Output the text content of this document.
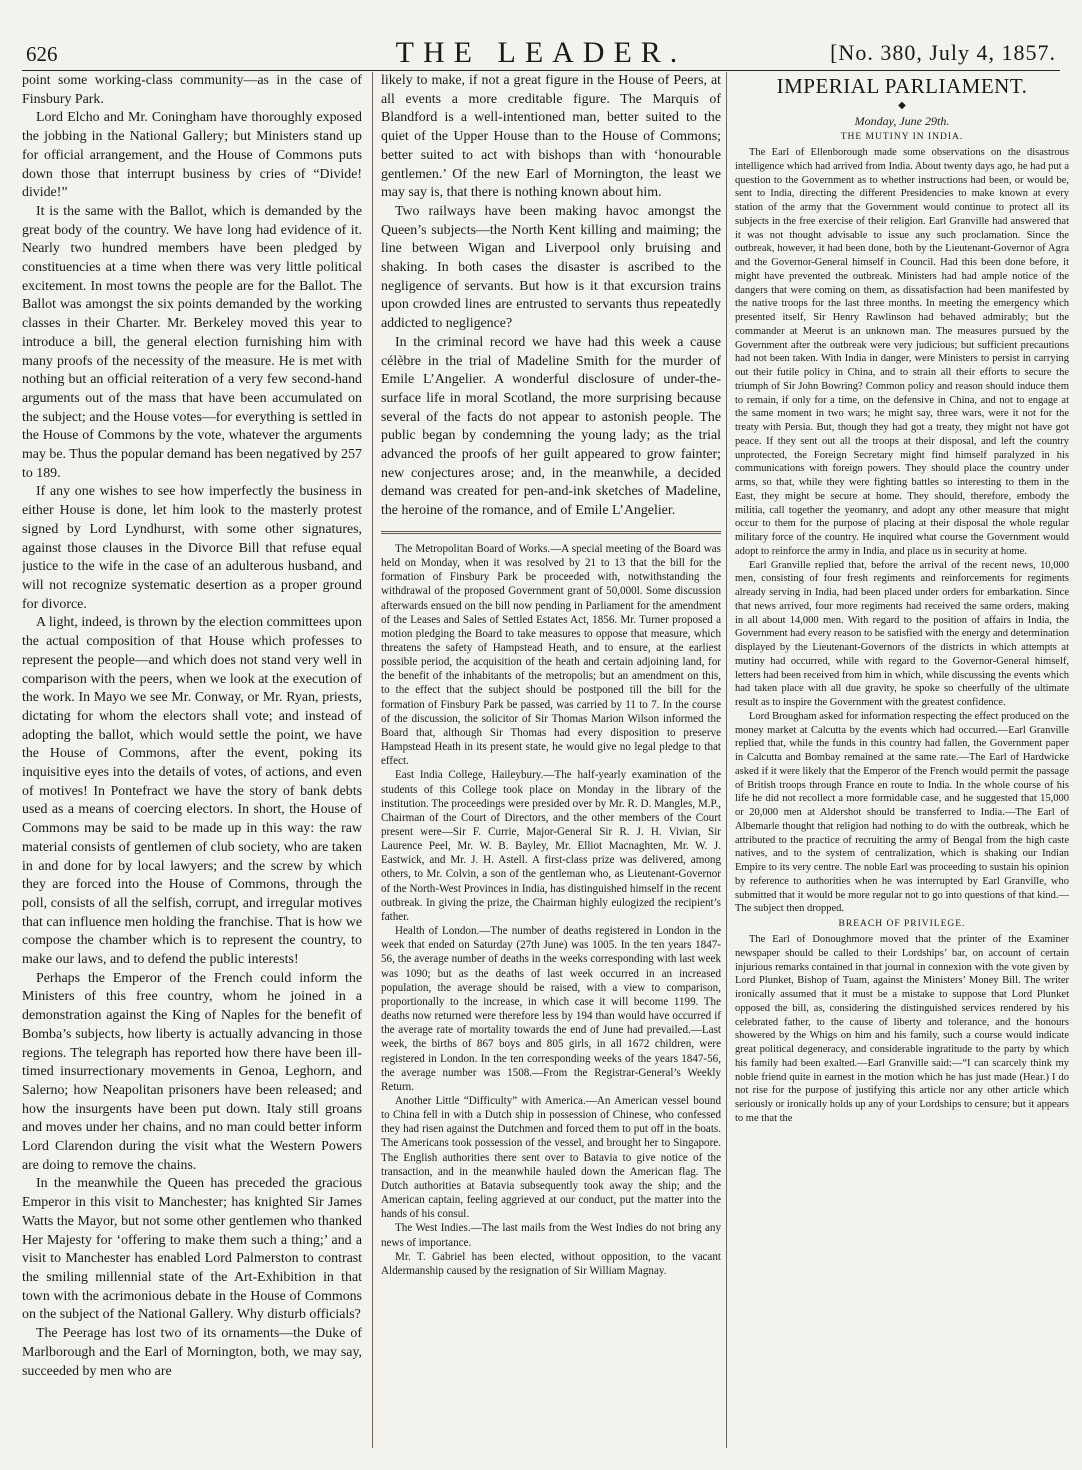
626	THE LEADER.	[No. 380, July 4, 1857.

point some working-class community—as in the case of Finsbury Park.

Lord Elcho and Mr. Coningham have thoroughly exposed the jobbing in the National Gallery; but Ministers stand up for official arrangement, and the House of Commons puts down those that interrupt business by cries of “Divide! divide!”

It is the same with the Ballot, which is demanded by the great body of the country. We have long had evidence of it. Nearly two hundred members have been pledged by constituencies at a time when there was very little political excitement. In most towns the people are for the Ballot. The Ballot was amongst the six points demanded by the working classes in their Charter. Mr. Berkeley moved this year to introduce a bill, the general election furnishing him with many proofs of the necessity of the measure. He is met with nothing but an official reiteration of a very few second-hand arguments out of the mass that have been accumulated on the subject; and the House votes—for everything is settled in the House of Commons by the vote, whatever the arguments may be. Thus the popular demand has been negatived by 257 to 189.

If any one wishes to see how imperfectly the business in either House is done, let him look to the masterly protest signed by Lord Lyndhurst, with some other signatures, against those clauses in the Divorce Bill that refuse equal justice to the wife in the case of an adulterous husband, and will not recognize systematic desertion as a proper ground for divorce.

A light, indeed, is thrown by the election committees upon the actual composition of that House which professes to represent the people—and which does not stand very well in comparison with the peers, when we look at the execution of the work. In Mayo we see Mr. Conway, or Mr. Ryan, priests, dictating for whom the electors shall vote; and instead of adopting the ballot, which would settle the point, we have the House of Commons, after the event, poking its inquisitive eyes into the details of votes, of actions, and even of motives! In Pontefract we have the story of bank debts used as a means of coercing electors. In short, the House of Commons may be said to be made up in this way: the raw material consists of gentlemen of club society, who are taken in and done for by local lawyers; and the screw by which they are forced into the House of Commons, through the poll, consists of all the selfish, corrupt, and irregular motives that can influence men holding the franchise. That is how we compose the chamber which is to represent the country, to make our laws, and to defend the public interests!

Perhaps the Emperor of the French could inform the Ministers of this free country, whom he joined in a demonstration against the King of Naples for the benefit of Bomba’s subjects, how liberty is actually advancing in those regions. The telegraph has reported how there have been ill-timed insurrectionary movements in Genoa, Leghorn, and Salerno; how Neapolitan prisoners have been released; and how the insurgents have been put down. Italy still groans and moves under her chains, and no man could better inform Lord Clarendon during the visit what the Western Powers are doing to remove the chains.

In the meanwhile the Queen has preceded the gracious Emperor in this visit to Manchester; has knighted Sir James Watts the Mayor, but not some other gentlemen who thanked Her Majesty for ‘offering to make them such a thing;’ and a visit to Manchester has enabled Lord Palmerston to contrast the smiling millennial state of the Art-Exhibition in that town with the acrimonious debate in the House of Commons on the subject of the National Gallery. Why disturb officials?

The Peerage has lost two of its ornaments—the Duke of Marlborough and the Earl of Mornington, both, we may say, succeeded by men who are

likely to make, if not a great figure in the House of Peers, at all events a more creditable figure. The Marquis of Blandford is a well-intentioned man, better suited to the quiet of the Upper House than to the House of Commons; better suited to act with bishops than with ‘honourable gentlemen.’ Of the new Earl of Mornington, the least we may say is, that there is nothing known about him.

Two railways have been making havoc amongst the Queen’s subjects—the North Kent killing and maiming; the line between Wigan and Liverpool only bruising and shaking. In both cases the disaster is ascribed to the negligence of servants. But how is it that excursion trains upon crowded lines are entrusted to servants thus repeatedly addicted to negligence?

In the criminal record we have had this week a cause célèbre in the trial of Madeline Smith for the murder of Emile L’Angelier. A wonderful disclosure of under-the-surface life in moral Scotland, the more surprising because several of the facts do not appear to astonish people. The public began by condemning the young lady; as the trial advanced the proofs of her guilt appeared to grow fainter; new conjectures arose; and, in the meanwhile, a decided demand was created for pen-and-ink sketches of Madeline, the heroine of the romance, and of Emile L’Angelier.

The Metropolitan Board of Works.—A special meeting of the Board was held on Monday, when it was resolved by 21 to 13 that the bill for the formation of Finsbury Park be proceeded with, notwithstanding the withdrawal of the proposed Government grant of 50,000l. Some discussion afterwards ensued on the bill now pending in Parliament for the amendment of the Leases and Sales of Settled Estates Act, 1856. Mr. Turner proposed a motion pledging the Board to take measures to oppose that measure, which threatens the safety of Hampstead Heath, and to ensure, at the earliest possible period, the acquisition of the heath and certain adjoining land, for the benefit of the inhabitants of the metropolis; but an amendment on this, to the effect that the subject should be postponed till the bill for the formation of Finsbury Park be passed, was carried by 11 to 7. In the course of the discussion, the solicitor of Sir Thomas Marion Wilson informed the Board that, although Sir Thomas had every disposition to preserve Hampstead Heath in its present state, he would give no legal pledge to that effect.

East India College, Haileybury.—The half-yearly examination of the students of this College took place on Monday in the library of the institution. The proceedings were presided over by Mr. R. D. Mangles, M.P., Chairman of the Court of Directors, and the other members of the Court present were—Sir F. Currie, Major-General Sir R. J. H. Vivian, Sir Laurence Peel, Mr. W. B. Bayley, Mr. Elliot Macnaghten, Mr. W. J. Eastwick, and Mr. J. H. Astell. A first-class prize was delivered, among others, to Mr. Colvin, a son of the gentleman who, as Lieutenant-Governor of the North-West Provinces in India, has distinguished himself in the recent outbreak. In giving the prize, the Chairman highly eulogized the recipient’s father.

Health of London.—The number of deaths registered in London in the week that ended on Saturday (27th June) was 1005. In the ten years 1847-56, the average number of deaths in the weeks corresponding with last week was 1090; but as the deaths of last week occurred in an increased population, the average should be raised, with a view to comparison, proportionally to the increase, in which case it will become 1199. The deaths now returned were therefore less by 194 than would have occurred if the average rate of mortality towards the end of June had prevailed.—Last week, the births of 867 boys and 805 girls, in all 1672 children, were registered in London. In the ten corresponding weeks of the years 1847-56, the average number was 1508.—From the Registrar-General’s Weekly Return.

Another Little “Difficulty” with America.—An American vessel bound to China fell in with a Dutch ship in possession of Chinese, who confessed they had risen against the Dutchmen and forced them to put off in the boats. The Americans took possession of the vessel, and brought her to Singapore. The English authorities there sent over to Batavia to give notice of the transaction, and in the meanwhile hauled down the American flag. The Dutch authorities at Batavia subsequently took away the ship; and the American captain, feeling aggrieved at our conduct, put the matter into the hands of his consul.

The West Indies.—The last mails from the West Indies do not bring any news of importance.

Mr. T. Gabriel has been elected, without opposition, to the vacant Aldermanship caused by the resignation of Sir William Magnay.

IMPERIAL PARLIAMENT.
◆
Monday, June 29th.
THE MUTINY IN INDIA.

The Earl of Ellenborough made some observations on the disastrous intelligence which had arrived from India. About twenty days ago, he had put a question to the Government as to whether instructions had been, or would be, sent to India, directing the different Presidencies to make known at every station of the army that the Government would continue to protect all its subjects in the free exercise of their religion. Earl Granville had answered that it was not thought advisable to issue any such proclamation. Since the outbreak, however, it had been done, both by the Lieutenant-Governor of Agra and the Governor-General himself in Council. Had this been done before, it might have prevented the outbreak. Ministers had had ample notice of the dangers that were coming on them, as dissatisfaction had been manifested by the native troops for the last three months. In meeting the emergency which presented itself, Sir Henry Rawlinson had behaved admirably; but the commander at Meerut is an unknown man. The measures pursued by the Government after the outbreak were very judicious; but sufficient precautions had not been taken. With India in danger, were Ministers to persist in carrying out their futile policy in China, and to strain all their efforts to secure the triumph of Sir John Bowring? Common policy and reason should induce them to remain, if only for a time, on the defensive in China, and not to engage at the same moment in two wars; he might say, three wars, were it not for the treaty with Persia. But, though they had got a treaty, they might not have got peace. If they sent out all the troops at their disposal, and left the country unprotected, the Foreign Secretary might find himself paralyzed in his communications with foreign powers. They should place the country under arms, so that, while they were fighting battles so interesting to them in the East, they might be secure at home. They should, therefore, embody the militia, call together the yeomanry, and adopt any other measure that might occur to them for the purpose of placing at their disposal the whole regular military force of the country. He inquired what course the Government would adopt to reinforce the army in India, and place us in security at home.

Earl Granville replied that, before the arrival of the recent news, 10,000 men, consisting of four fresh regiments and reinforcements for regiments already serving in India, had been placed under orders for embarkation. Since that news arrived, four more regiments had received the same orders, making in all about 14,000 men. With regard to the position of affairs in India, the Government had every reason to be satisfied with the energy and determination displayed by the Lieutenant-Governors of the districts in which attempts at mutiny had occurred, while with regard to the Governor-General himself, letters had been received from him in which, while discussing the events which had taken place with all due gravity, he spoke so cheerfully of the ultimate result as to inspire the Government with the greatest confidence.

Lord Brougham asked for information respecting the effect produced on the money market at Calcutta by the events which had occurred.—Earl Granville replied that, while the funds in this country had fallen, the Government paper in Calcutta and Bombay remained at the same rate.—The Earl of Hardwicke asked if it were likely that the Emperor of the French would permit the passage of British troops through France en route to India. In the whole course of his life he did not recollect a more formidable case, and he suggested that 15,000 or 20,000 men at Aldershot should be transferred to India.—The Earl of Albemarle thought that religion had nothing to do with the outbreak, which he attributed to the practice of recruiting the army of Bengal from the high caste natives, and to the system of centralization, which is shaking our Indian Empire to its very centre. The noble Earl was proceeding to sustain his opinion by reference to authorities when he was interrupted by Earl Granville, who submitted that it would be more regular not to go into questions of that kind.—The subject then dropped.

BREACH OF PRIVILEGE.

The Earl of Donoughmore moved that the printer of the Examiner newspaper should be called to their Lordships’ bar, on account of certain injurious remarks contained in that journal in connexion with the vote given by Lord Plunket, Bishop of Tuam, against the Ministers’ Money Bill. The writer ironically assumed that it must be a mistake to suppose that Lord Plunket opposed the bill, as, considering the distinguished services rendered by his celebrated father, to the cause of liberty and tolerance, and the honours showered by the Whigs on him and his family, such a course would indicate great political degeneracy, and considerable ingratitude to the party by which his family had been exalted.—Earl Granville said:—“I can scarcely think my noble friend quite in earnest in the motion which he has just made (Hear.) I do not rise for the purpose of justifying this article nor any other article which seriously or ironically holds up any of your Lordships to censure; but it appears to me that the
